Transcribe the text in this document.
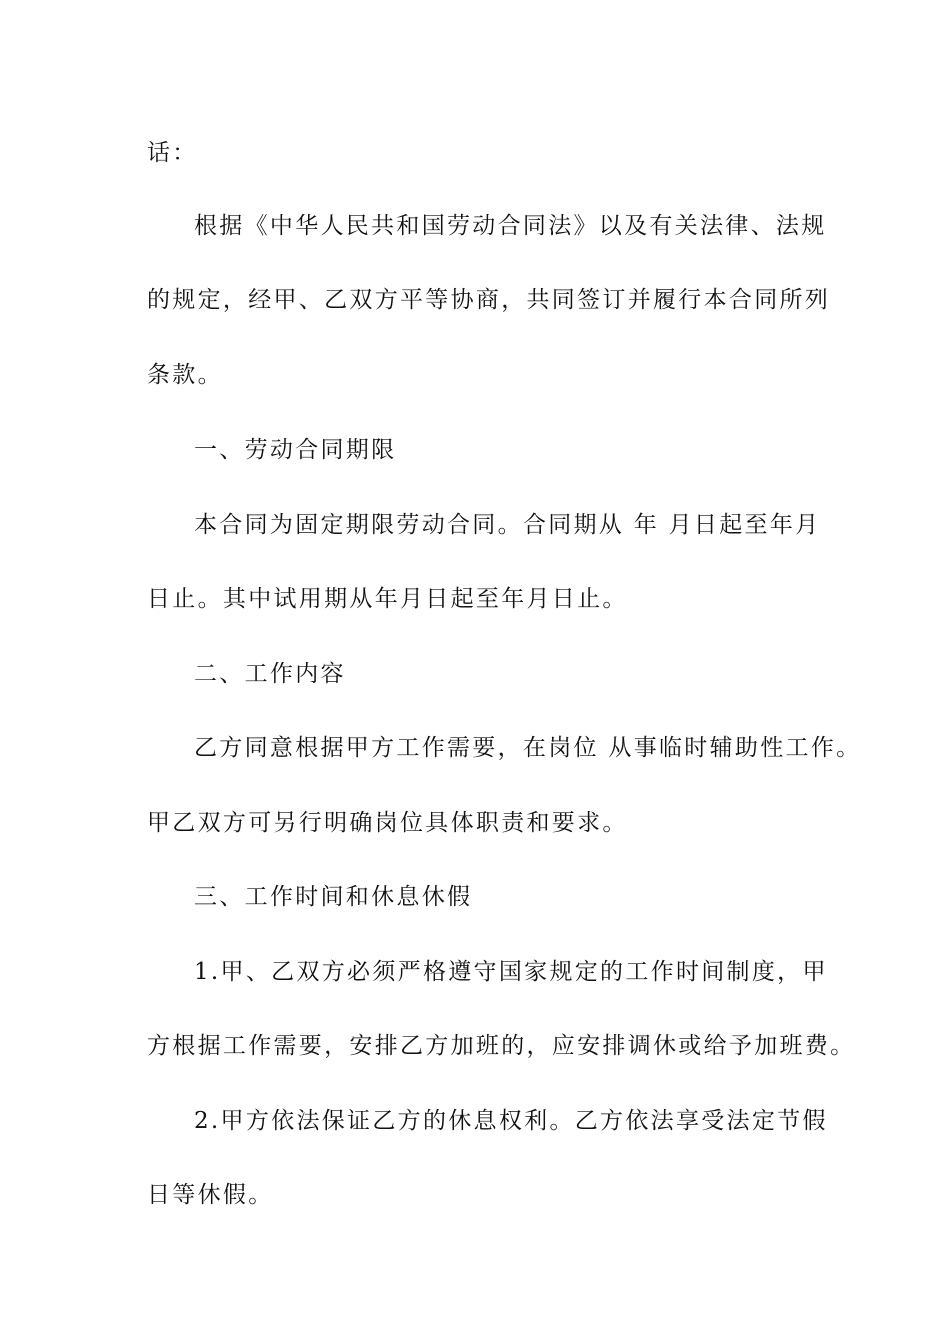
话：

根据《中华人民共和国劳动合同法》以及有关法律、法规

的规定，经甲、乙双方平等协商，共同签订并履行本合同所列

条款。

一、劳动合同期限

本合同为固定期限劳动合同。合同期从 年 月日起至年月

日止。其中试用期从年月日起至年月日止。

二、工作内容

乙方同意根据甲方工作需要，在岗位 从事临时辅助性工作。

甲乙双方可另行明确岗位具体职责和要求。

三、工作时间和休息休假

1.甲、乙双方必须严格遵守国家规定的工作时间制度，甲

方根据工作需要，安排乙方加班的，应安排调休或给予加班费。

2.甲方依法保证乙方的休息权利。乙方依法享受法定节假

日等休假。
